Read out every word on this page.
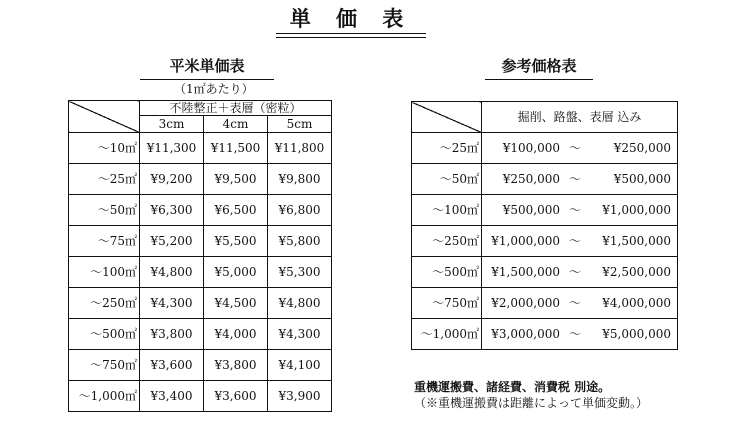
単 価 表
平米単価表
（1㎡あたり）
	不陸整正＋表層（密粒）		
	3cm	4cm	5cm
〜10㎡	¥11,300	¥11,500	¥11,800
〜25㎡	¥9,200	¥9,500	¥9,800
〜50㎡	¥6,300	¥6,500	¥6,800
〜75㎡	¥5,200	¥5,500	¥5,800
〜100㎡	¥4,800	¥5,000	¥5,300
〜250㎡	¥4,300	¥4,500	¥4,800
〜500㎡	¥3,800	¥4,000	¥4,300
〜750㎡	¥3,600	¥3,800	¥4,100
〜1,000㎡	¥3,400	¥3,600	¥3,900
参考価格表
	掘削、路盤、表層 込み
〜25㎡	¥100,000 〜 ¥250,000

〜50㎡	¥250,000 〜 ¥500,000

〜100㎡	¥500,000 〜 ¥1,000,000

〜250㎡	¥1,000,000 〜 ¥1,500,000

〜500㎡	¥1,500,000 〜 ¥2,500,000

〜750㎡	¥2,000,000 〜 ¥4,000,000

〜1,000㎡	¥3,000,000 〜 ¥5,000,000
重機運搬費、諸経費、消費税 別途。
（※重機運搬費は距離によって単価変動。）
